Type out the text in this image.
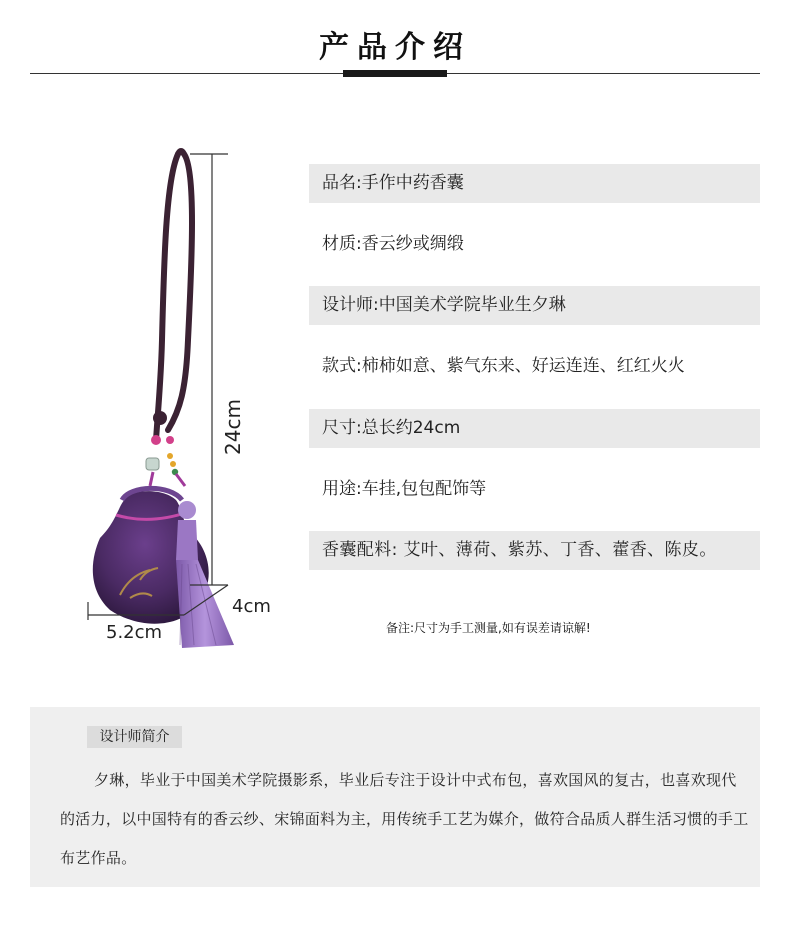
产品介绍
24cm
4cm
5.2cm
品名:手作中药香囊
材质:香云纱或绸缎
设计师:中国美术学院毕业生夕琳
款式:柿柿如意、紫气东来、好运连连、红红火火
尺寸:总长约24cm
用途:车挂,包包配饰等
香囊配料: 艾叶、薄荷、紫苏、丁香、藿香、陈皮。
备注:尺寸为手工测量,如有误差请谅解!
设计师简介
夕琳，毕业于中国美术学院摄影系，毕业后专注于设计中式布包，喜欢国风的复古，也喜欢现代的活力，以中国特有的香云纱、宋锦面料为主，用传统手工艺为媒介，做符合品质人群生活习惯的手工布艺作品。
